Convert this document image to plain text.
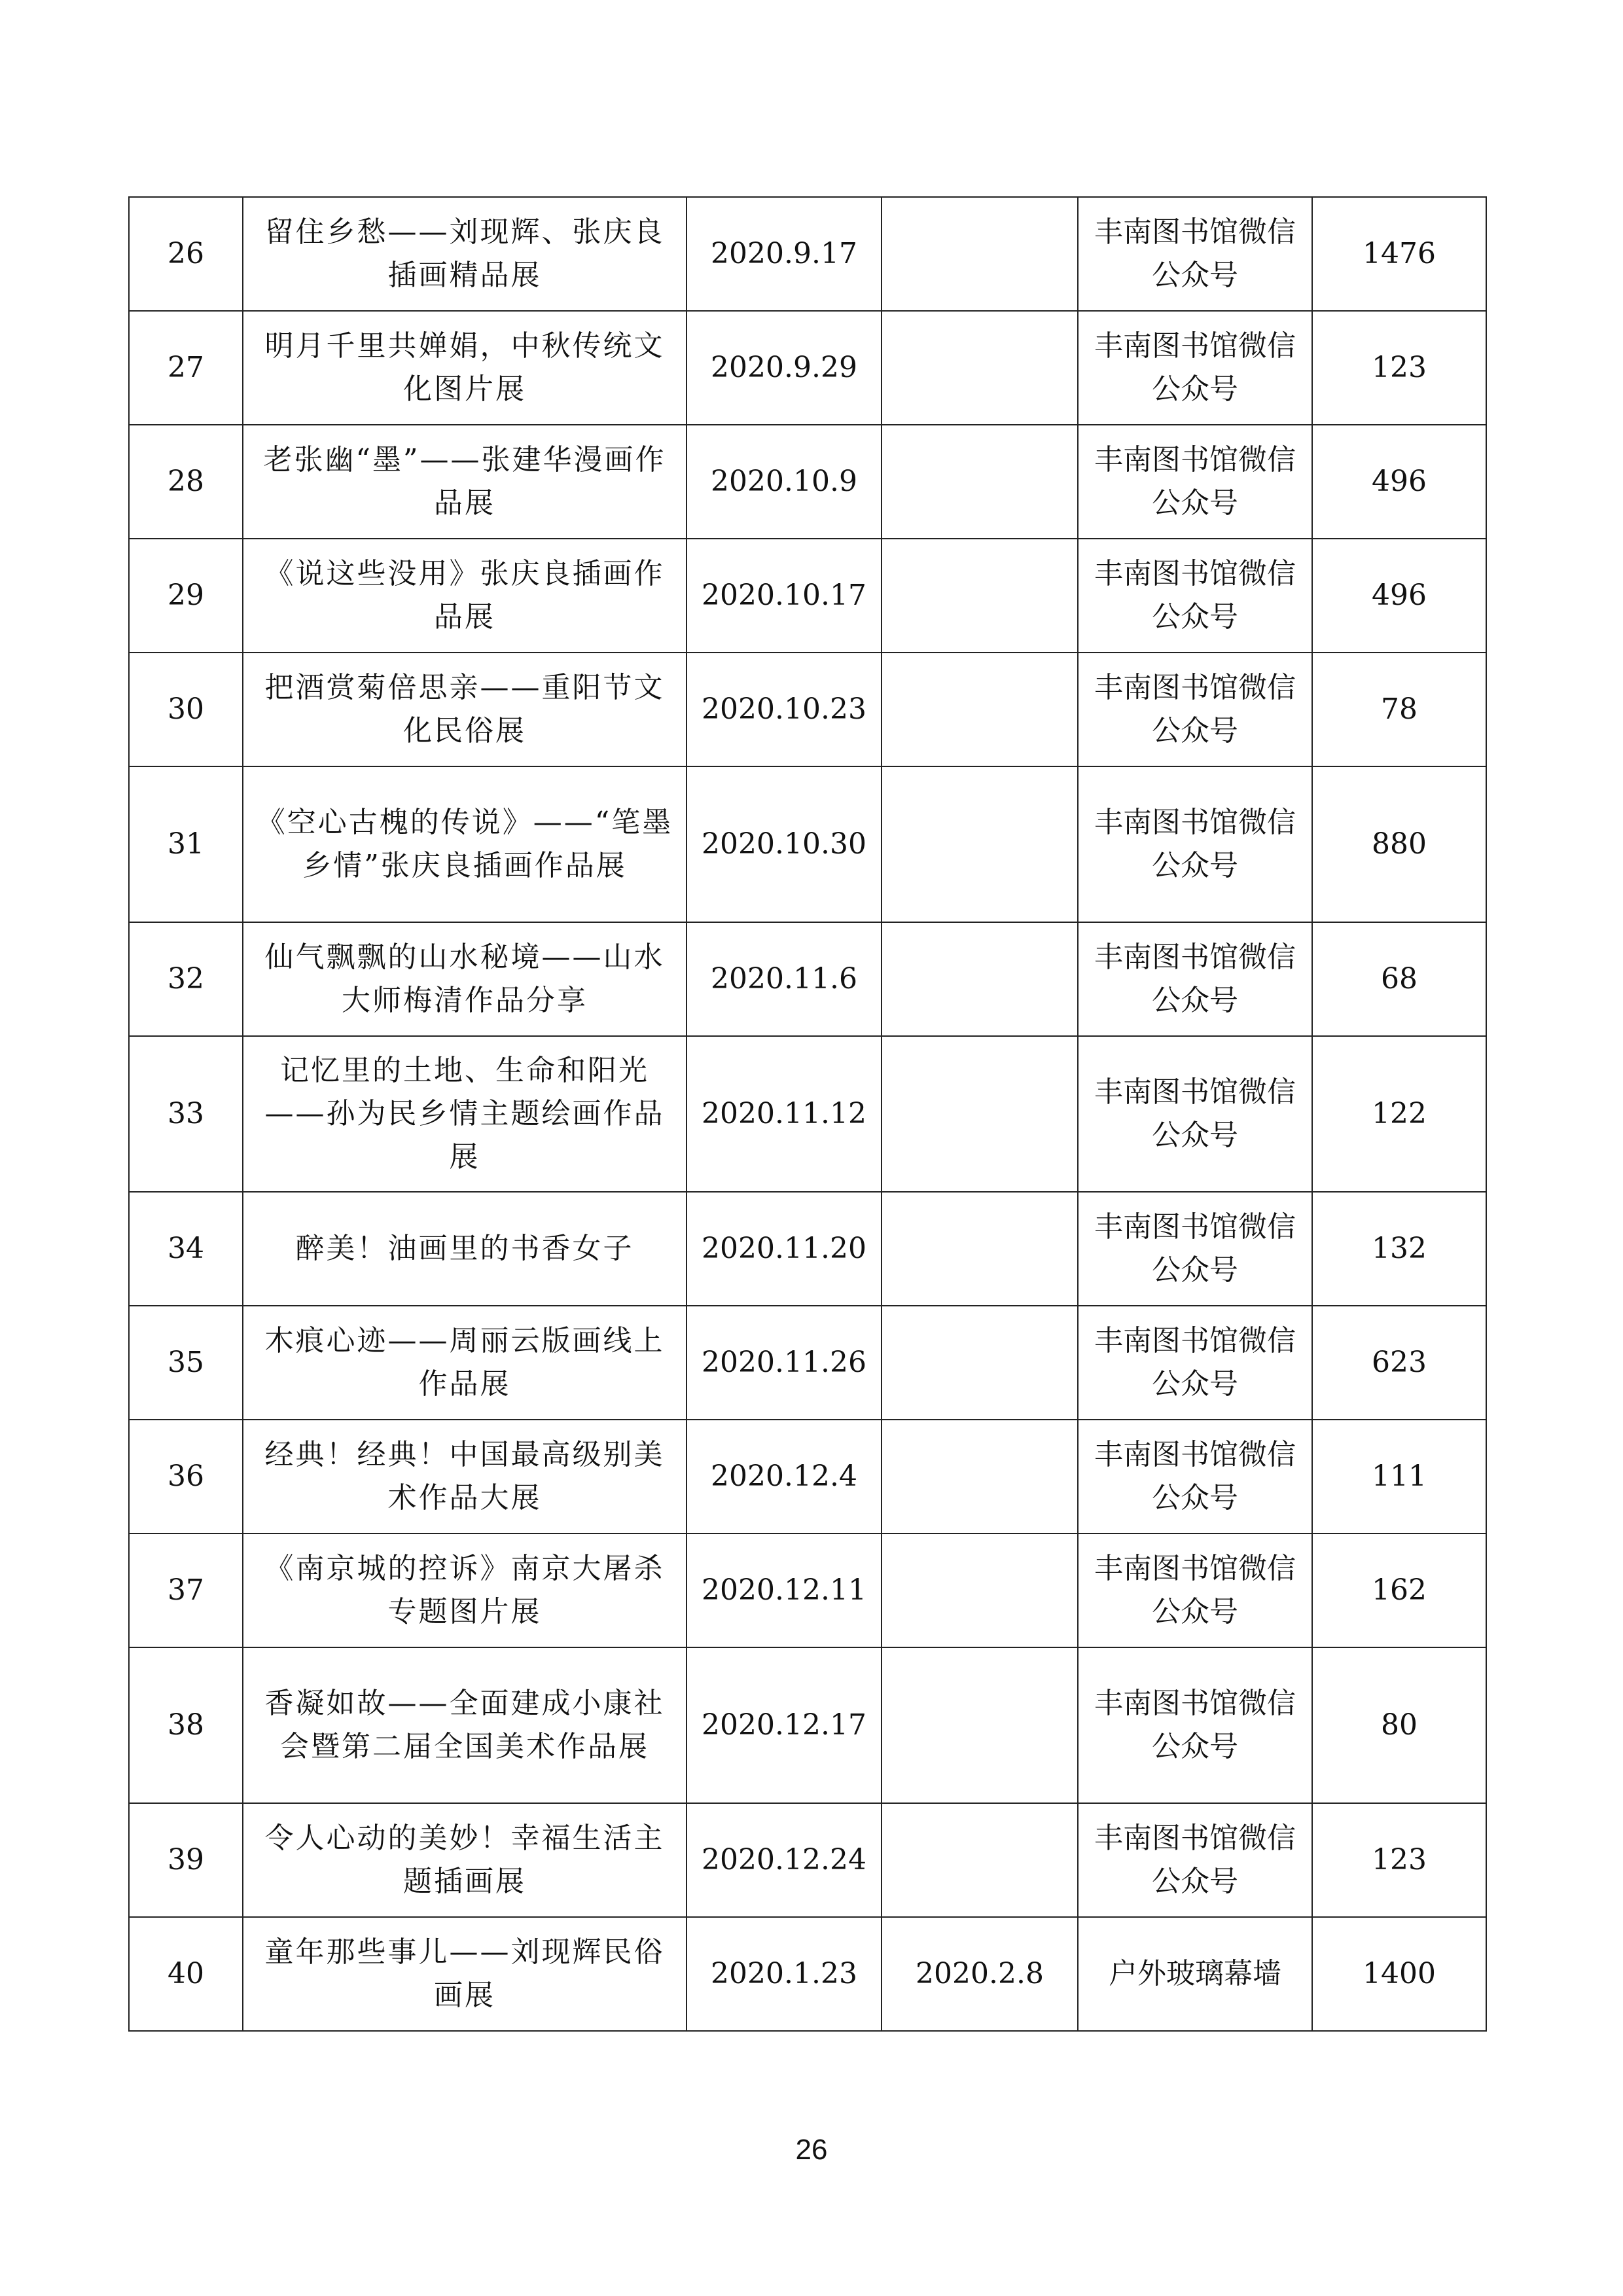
26	留住乡愁——刘现辉、张庆良插画精品展	2020.9.17		丰南图书馆微信公众号	1476
27	明月千里共婵娟，中秋传统文化图片展	2020.9.29		丰南图书馆微信公众号	123
28	老张幽“墨”——张建华漫画作品展	2020.10.9		丰南图书馆微信公众号	496
29	《说这些没用》张庆良插画作品展	2020.10.17		丰南图书馆微信公众号	496
30	把酒赏菊倍思亲——重阳节文化民俗展	2020.10.23		丰南图书馆微信公众号	78
31	《空心古槐的传说》——“笔墨乡情”张庆良插画作品展	2020.10.30		丰南图书馆微信公众号	880
32	仙气飘飘的山水秘境——山水大师梅清作品分享	2020.11.6		丰南图书馆微信公众号	68
33	记忆里的土地、生命和阳光——孙为民乡情主题绘画作品展	2020.11.12		丰南图书馆微信公众号	122
34	醉美！油画里的书香女子	2020.11.20		丰南图书馆微信公众号	132
35	木痕心迹——周丽云版画线上作品展	2020.11.26		丰南图书馆微信公众号	623
36	经典！经典！中国最高级别美术作品大展	2020.12.4		丰南图书馆微信公众号	111
37	《南京城的控诉》南京大屠杀专题图片展	2020.12.11		丰南图书馆微信公众号	162
38	香凝如故——全面建成小康社会暨第二届全国美术作品展	2020.12.17		丰南图书馆微信公众号	80
39	令人心动的美妙！幸福生活主题插画展	2020.12.24		丰南图书馆微信公众号	123
40	童年那些事儿——刘现辉民俗画展	2020.1.23	2020.2.8	户外玻璃幕墙	1400
26
